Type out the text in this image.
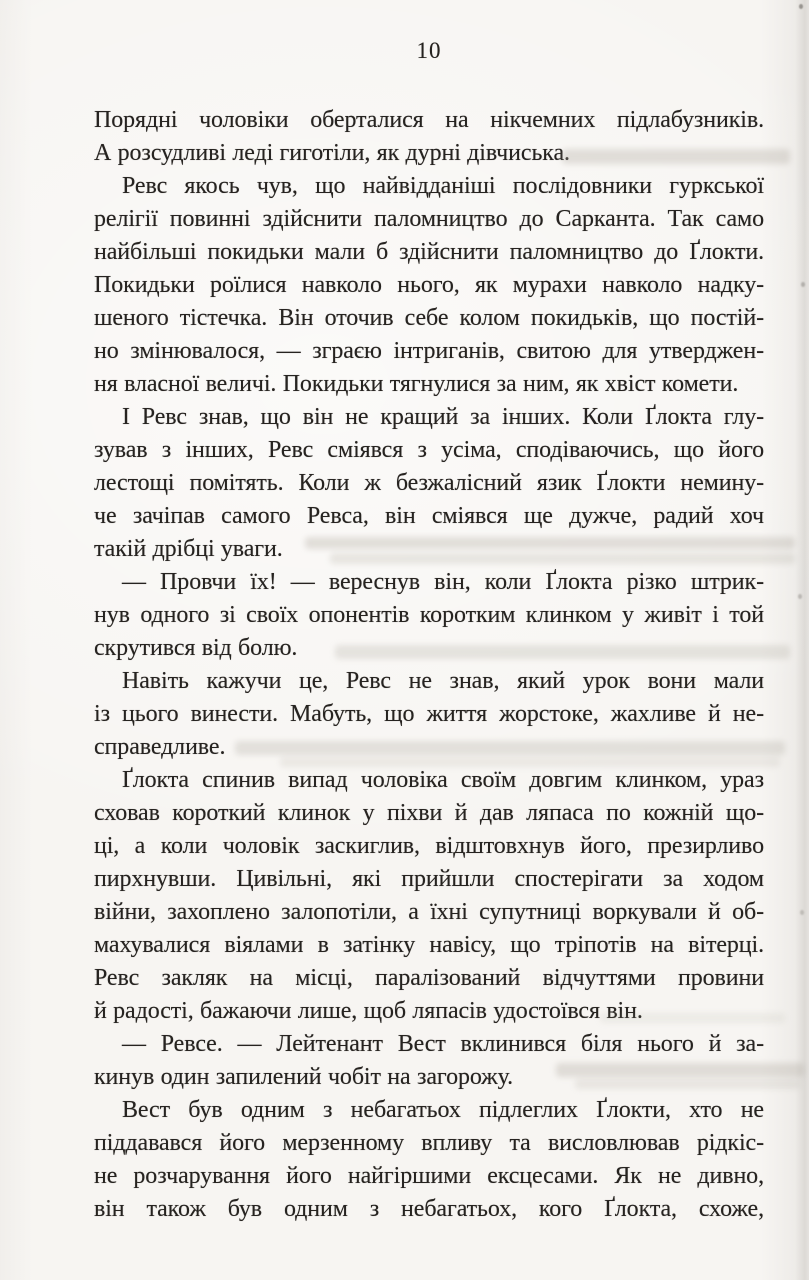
10
Порядні чоловіки оберталися на нікчемних підлабузників.
А розсудливі леді гиготіли, як дурні дівчиська.
Ревс якось чув, що найвідданіші послідовники гуркської
релігії повинні здійснити паломництво до Сарканта. Так само
найбільші покидьки мали б здійснити паломництво до Ґлокти.
Покидьки роїлися навколо нього, як мурахи навколо надку-
шеного тістечка. Він оточив себе колом покидьків, що постій-
но змінювалося, — зграєю інтриганів, свитою для утверджен-
ня власної величі. Покидьки тягнулися за ним, як хвіст комети.
І Ревс знав, що він не кращий за інших. Коли Ґлокта глу-
зував з інших, Ревс сміявся з усіма, сподіваючись, що його
лестощі помітять. Коли ж безжалісний язик Ґлокти немину-
че зачіпав самого Ревса, він сміявся ще дужче, радий хоч
такій дрібці уваги.
— Провчи їх! — вереснув він, коли Ґлокта різко штрик-
нув одного зі своїх опонентів коротким клинком у живіт і той
скрутився від болю.
Навіть кажучи це, Ревс не знав, який урок вони мали
із цього винести. Мабуть, що життя жорстоке, жахливе й не-
справедливе.
Ґлокта спинив випад чоловіка своїм довгим клинком, ураз
сховав короткий клинок у піхви й дав ляпаса по кожній що-
ці, а коли чоловік заскиглив, відштовхнув його, презирливо
пирхнувши. Цивільні, які прийшли спостерігати за ходом
війни, захоплено залопотіли, а їхні супутниці воркували й об-
махувалися віялами в затінку навісу, що тріпотів на вітерці.
Ревс закляк на місці, паралізований відчуттями провини
й радості, бажаючи лише, щоб ляпасів удостоївся він.
— Ревсе. — Лейтенант Вест вклинився біля нього й за-
кинув один запилений чобіт на загорожу.
Вест був одним з небагатьох підлеглих Ґлокти, хто не
піддавався його мерзенному впливу та висловлював рідкіс-
не розчарування його найгіршими ексцесами. Як не дивно,
він також був одним з небагатьох, кого Ґлокта, схоже,
